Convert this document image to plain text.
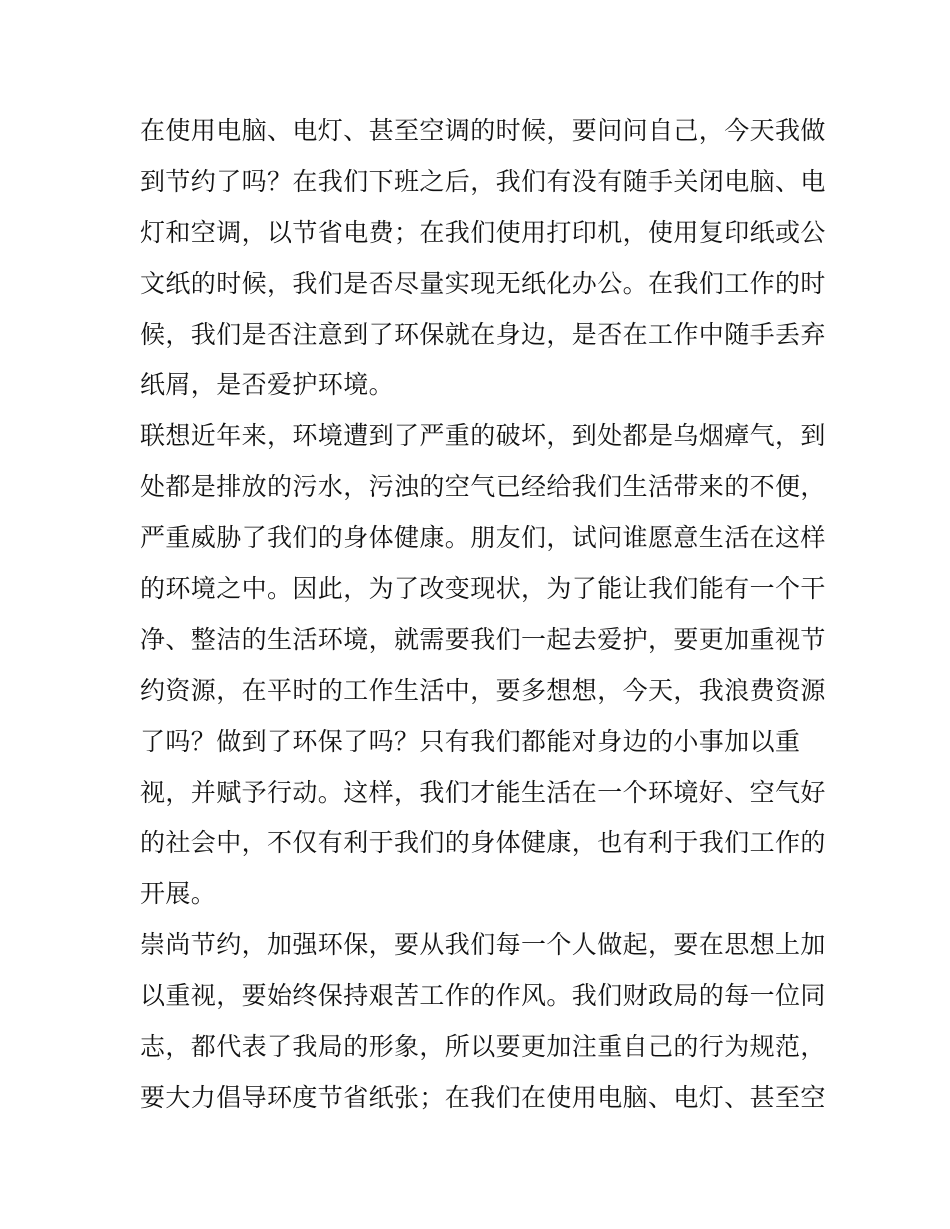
在使用电脑、电灯、甚至空调的时候，要问问自己，今天我做
到节约了吗？在我们下班之后，我们有没有随手关闭电脑、电
灯和空调，以节省电费；在我们使用打印机，使用复印纸或公
文纸的时候，我们是否尽量实现无纸化办公。在我们工作的时
候，我们是否注意到了环保就在身边，是否在工作中随手丢弃
纸屑，是否爱护环境。
联想近年来，环境遭到了严重的破坏，到处都是乌烟瘴气，到
处都是排放的污水，污浊的空气已经给我们生活带来的不便，
严重威胁了我们的身体健康。朋友们，试问谁愿意生活在这样
的环境之中。因此，为了改变现状，为了能让我们能有一个干
净、整洁的生活环境，就需要我们一起去爱护，要更加重视节
约资源，在平时的工作生活中，要多想想，今天，我浪费资源
了吗？做到了环保了吗？只有我们都能对身边的小事加以重
视，并赋予行动。这样，我们才能生活在一个环境好、空气好
的社会中，不仅有利于我们的身体健康，也有利于我们工作的
开展。
崇尚节约，加强环保，要从我们每一个人做起，要在思想上加
以重视，要始终保持艰苦工作的作风。我们财政局的每一位同
志，都代表了我局的形象，所以要更加注重自己的行为规范，
要大力倡导环度节省纸张；在我们在使用电脑、电灯、甚至空
